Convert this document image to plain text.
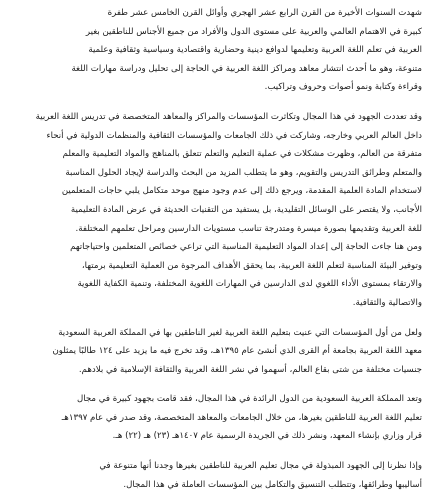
شهدت السنوات الأخيرة من القرن الرابع عشر الهجري وأوائل القرن الخامس عشر طفرة
كبيرة في الاهتمام العالمي والعربية على مستوى الدول والأفراد من جميع الأجناس للناطقين بغير
العربية في تعلم اللغة العربية وتعليمها لدوافع دينية وحضارية واقتصادية وسياسية وثقافية وعلمية
متنوعة، وهو ما أحدث انتشار معاهد ومراكز اللغة العربية في الحاجة إلى تحليل ودراسة مهارات اللغة
وقراءة وكتابة ونمو أصوات وحروف وتراكيب.
وقد تعددت الجهود في هذا المجال وتكاثرت المؤسسات والمراكز والمعاهد المتخصصة في تدريس اللغة العربية
داخل العالم العربي وخارجه، وشاركت في ذلك الجامعات والمؤسسات الثقافية والمنظمات الدولية في أنحاء
متفرقة من العالم، وظهرت مشكلات في عملية التعليم والتعلم تتعلق بالمناهج والمواد التعليمية والمعلم
والمتعلم وطرائق التدريس والتقويم، وهو ما يتطلب المزيد من البحث والدراسة لإيجاد الحلول المناسبة
لاستخدام المادة العلمية المقدمة، ويرجع ذلك إلى عدم وجود منهج موحد متكامل يلبي حاجات المتعلمين
الأجانب، ولا يقتصر على الوسائل التقليدية، بل يستفيد من التقنيات الحديثة في عرض المادة التعليمية
للغة العربية وتقديمها بصورة ميسرة ومتدرجة تناسب مستويات الدارسين ومراحل تعلمهم المختلفة.
ومن هنا جاءت الحاجة إلى إعداد المواد التعليمية المناسبة التي تراعي خصائص المتعلمين واحتياجاتهم
وتوفير البيئة المناسبة لتعلم اللغة العربية، بما يحقق الأهداف المرجوة من العملية التعليمية برمتها،
والارتقاء بمستوى الأداء اللغوي لدى الدارسين في المهارات اللغوية المختلفة، وتنمية الكفاية اللغوية
والاتصالية والثقافية.
ولعل من أول المؤسسات التي عنيت بتعليم اللغة العربية لغير الناطقين بها في المملكة العربية السعودية
معهد اللغة العربية بجامعة أم القرى الذي أنشئ عام ١٣٩٥هـ، وقد تخرج فيه ما يزيد على ١٢٤ طالبًا يمثلون
جنسيات مختلفة من شتى بقاع العالم، أسهموا في نشر اللغة العربية والثقافة الإسلامية في بلادهم.
وتعد المملكة العربية السعودية من الدول الرائدة في هذا المجال، فقد قامت بجهود كبيرة في مجال
تعليم اللغة العربية للناطقين بغيرها، من خلال الجامعات والمعاهد المتخصصة، وقد صدر في عام ١٣٩٧هـ
قرار وزاري بإنشاء المعهد، ونشر ذلك في الجريدة الرسمية عام ١٤٠٧هـ (٢٣) هـ (٢٢) هـ.
وإذا نظرنا إلى الجهود المبذولة في مجال تعليم العربية للناطقين بغيرها وجدنا أنها متنوعة في
أساليبها وطرائقها، وتتطلب التنسيق والتكامل بين المؤسسات العاملة في هذا المجال.
